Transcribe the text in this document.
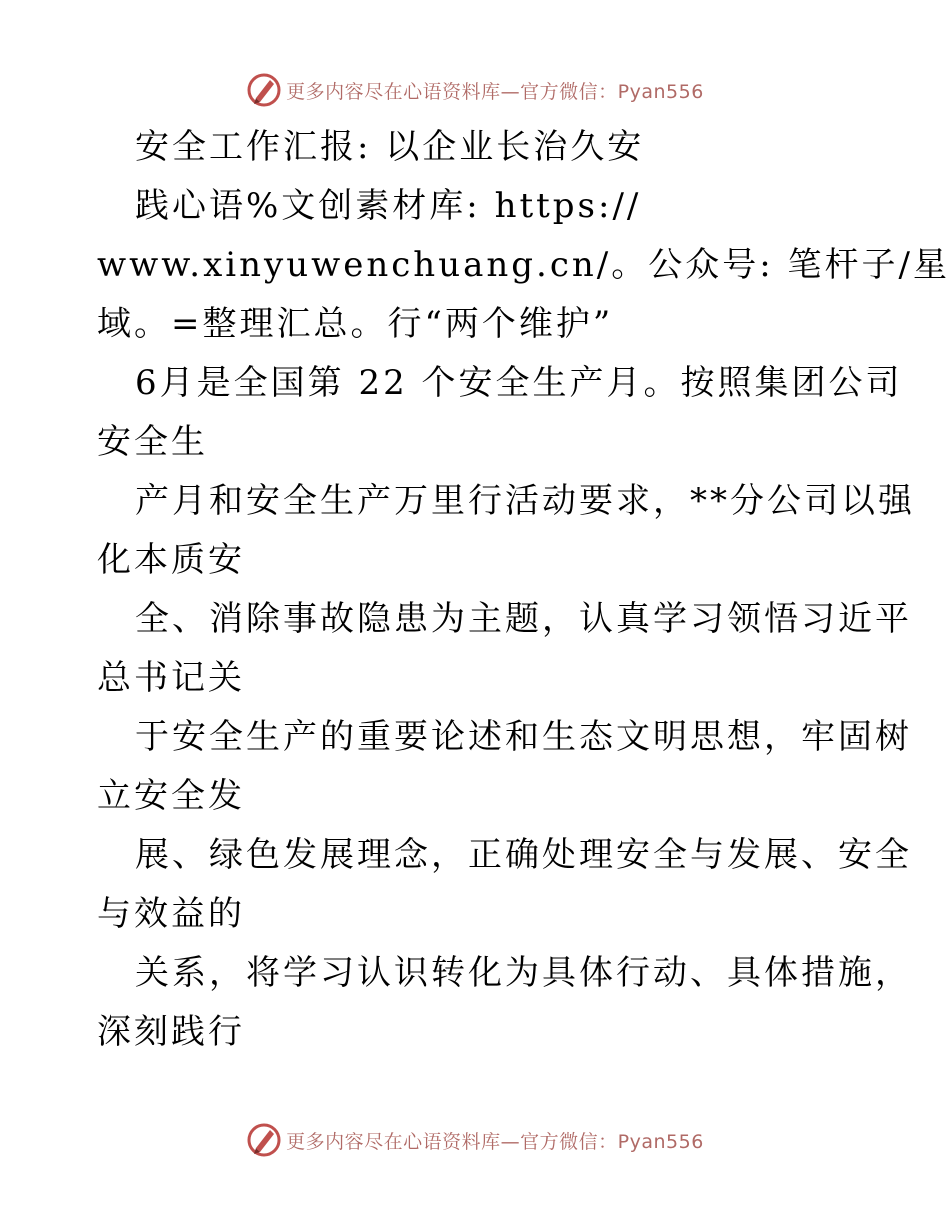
更多内容尽在心语资料库—官方微信：Pyan556
安全工作汇报: 以企业长治久安
践心语%文创素材库: https://
www.xinyuwenchuang.cn/。公众号: 笔杆子/星
域。=整理汇总。行“两个维护”
6月是全国第 22 个安全生产月。按照集团公司
安全生
产月和安全生产万里行活动要求，**分公司以强
化本质安
全、消除事故隐患为主题，认真学习领悟习近平
总书记关
于安全生产的重要论述和生态文明思想，牢固树
立安全发
展、绿色发展理念，正确处理安全与发展、安全
与效益的
关系，将学习认识转化为具体行动、具体措施，
深刻践行
更多内容尽在心语资料库—官方微信：Pyan556
